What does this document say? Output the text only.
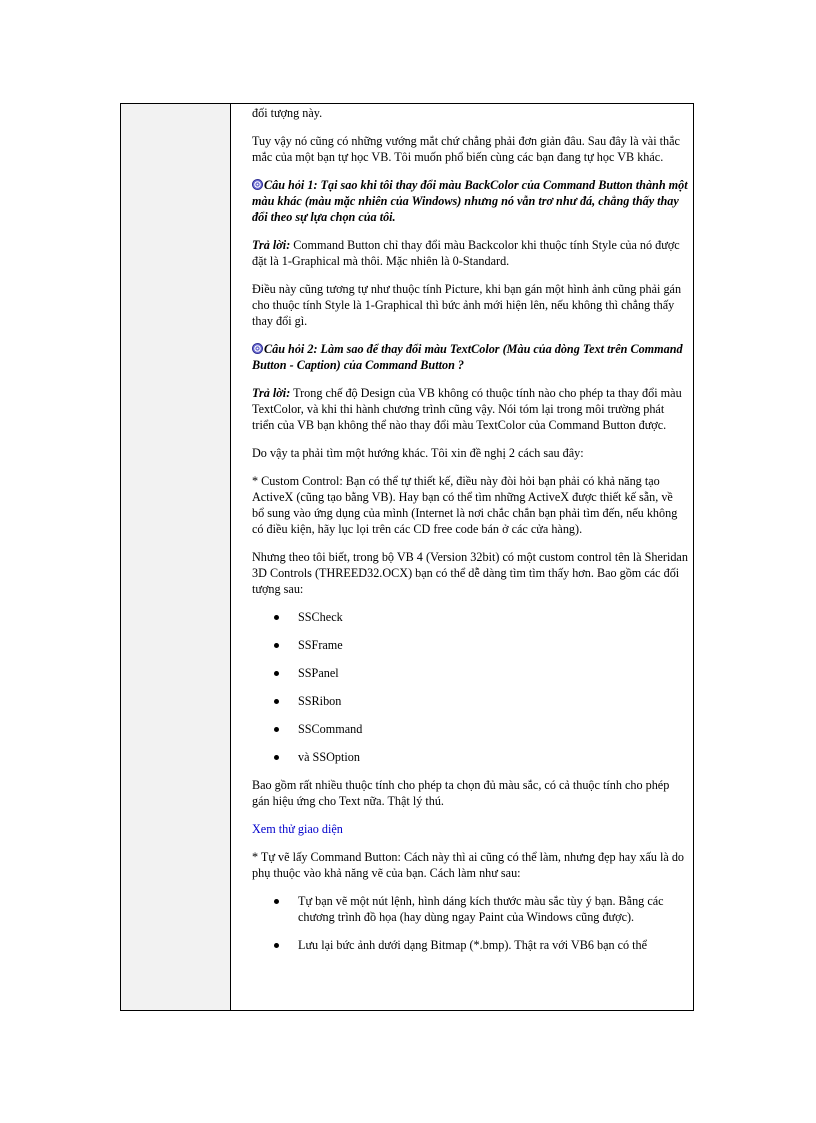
đối tượng này.

Tuy vậy nó cũng có những vướng mắt chứ chẳng phải đơn giản đâu. Sau đây là vài thắc mắc của một bạn tự học VB. Tôi muốn phổ biến cùng các bạn đang tự học VB khác.

Câu hỏi 1: Tại sao khi tôi thay đổi màu BackColor của Command Button thành một màu khác (màu mặc nhiên của Windows) nhưng nó vẫn trơ như đá, chẳng thấy thay đổi theo sự lựa chọn của tôi.

Trả lời: Command Button chỉ thay đổi màu Backcolor khi thuộc tính Style của nó được đặt là 1-Graphical mà thôi. Mặc nhiên là 0-Standard.

Điều này cũng tương tự như thuộc tính Picture, khi bạn gán một hình ảnh cũng phải gán cho thuộc tính Style là 1-Graphical thì bức ảnh mới hiện lên, nếu không thì chẳng thấy thay đổi gì.

Câu hỏi 2: Làm sao để thay đổi màu TextColor (Màu của dòng Text trên Command Button - Caption) của Command Button ?

Trả lời: Trong chế độ Design của VB không có thuộc tính nào cho phép ta thay đổi màu TextColor, và khi thi hành chương trình cũng vậy. Nói tóm lại trong môi trường phát triển của VB bạn không thể nào thay đổi màu TextColor của Command Button được.

Do vậy ta phải tìm một hướng khác. Tôi xin đề nghị 2 cách sau đây:

* Custom Control: Bạn có thể tự thiết kế, điều này đòi hỏi bạn phải có khả năng tạo ActiveX (cũng tạo bằng VB). Hay bạn có thể tìm những ActiveX được thiết kế sẵn, về bổ sung vào ứng dụng của mình (Internet là nơi chắc chắn bạn phải tìm đến, nếu không có điều kiện, hãy lục lọi trên các CD free code bán ở các cửa hàng).

Nhưng theo tôi biết, trong bộ VB 4 (Version 32bit) có một custom control tên là Sheridan 3D Controls (THREED32.OCX) bạn có thể dễ dàng tìm tìm thấy hơn. Bao gồm các đối tượng sau:

SSCheck
SSFrame
SSPanel
SSRibon
SSCommand
và SSOption

Bao gồm rất nhiều thuộc tính cho phép ta chọn đủ màu sắc, có cả thuộc tính cho phép gán hiệu ứng cho Text nữa. Thật lý thú.

Xem thử giao diện

* Tự vẽ lấy Command Button: Cách này thì ai cũng có thể làm, nhưng đẹp hay xấu là do phụ thuộc vào khả năng vẽ của bạn. Cách làm như sau:

Tự bạn vẽ một nút lệnh, hình dáng kích thước màu sắc tùy ý bạn. Bằng các chương trình đồ họa (hay dùng ngay Paint của Windows cũng được).
Lưu lại bức ảnh dưới dạng Bitmap (*.bmp). Thật ra với VB6 bạn có thể
